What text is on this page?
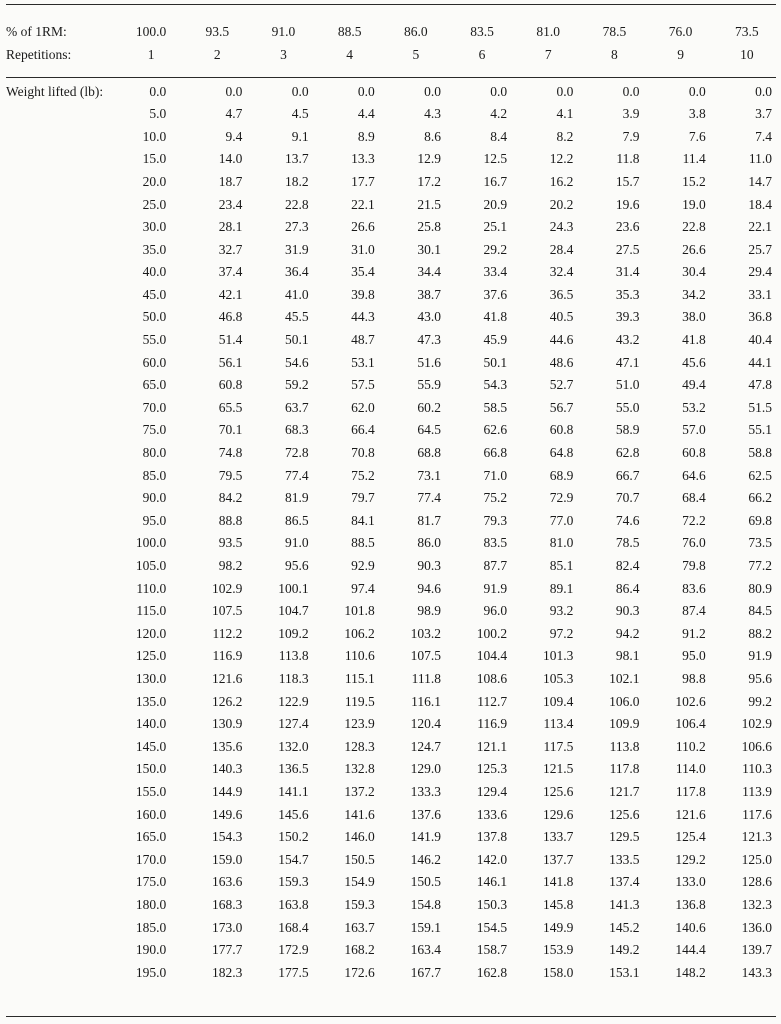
% of 1RM:	100.0	93.5	91.0	88.5	86.0	83.5	81.0	78.5	76.0	73.5
Repetitions:	1	2	3	4	5	6	7	8	9	10

Weight lifted (lb):	0.0	0.0	0.0	0.0	0.0	0.0	0.0	0.0	0.0	0.0
	5.0	4.7	4.5	4.4	4.3	4.2	4.1	3.9	3.8	3.7
	10.0	9.4	9.1	8.9	8.6	8.4	8.2	7.9	7.6	7.4
	15.0	14.0	13.7	13.3	12.9	12.5	12.2	11.8	11.4	11.0
	20.0	18.7	18.2	17.7	17.2	16.7	16.2	15.7	15.2	14.7
	25.0	23.4	22.8	22.1	21.5	20.9	20.2	19.6	19.0	18.4
	30.0	28.1	27.3	26.6	25.8	25.1	24.3	23.6	22.8	22.1
	35.0	32.7	31.9	31.0	30.1	29.2	28.4	27.5	26.6	25.7
	40.0	37.4	36.4	35.4	34.4	33.4	32.4	31.4	30.4	29.4
	45.0	42.1	41.0	39.8	38.7	37.6	36.5	35.3	34.2	33.1
	50.0	46.8	45.5	44.3	43.0	41.8	40.5	39.3	38.0	36.8
	55.0	51.4	50.1	48.7	47.3	45.9	44.6	43.2	41.8	40.4
	60.0	56.1	54.6	53.1	51.6	50.1	48.6	47.1	45.6	44.1
	65.0	60.8	59.2	57.5	55.9	54.3	52.7	51.0	49.4	47.8
	70.0	65.5	63.7	62.0	60.2	58.5	56.7	55.0	53.2	51.5
	75.0	70.1	68.3	66.4	64.5	62.6	60.8	58.9	57.0	55.1
	80.0	74.8	72.8	70.8	68.8	66.8	64.8	62.8	60.8	58.8
	85.0	79.5	77.4	75.2	73.1	71.0	68.9	66.7	64.6	62.5
	90.0	84.2	81.9	79.7	77.4	75.2	72.9	70.7	68.4	66.2
	95.0	88.8	86.5	84.1	81.7	79.3	77.0	74.6	72.2	69.8
	100.0	93.5	91.0	88.5	86.0	83.5	81.0	78.5	76.0	73.5
	105.0	98.2	95.6	92.9	90.3	87.7	85.1	82.4	79.8	77.2
	110.0	102.9	100.1	97.4	94.6	91.9	89.1	86.4	83.6	80.9
	115.0	107.5	104.7	101.8	98.9	96.0	93.2	90.3	87.4	84.5
	120.0	112.2	109.2	106.2	103.2	100.2	97.2	94.2	91.2	88.2
	125.0	116.9	113.8	110.6	107.5	104.4	101.3	98.1	95.0	91.9
	130.0	121.6	118.3	115.1	111.8	108.6	105.3	102.1	98.8	95.6
	135.0	126.2	122.9	119.5	116.1	112.7	109.4	106.0	102.6	99.2
	140.0	130.9	127.4	123.9	120.4	116.9	113.4	109.9	106.4	102.9
	145.0	135.6	132.0	128.3	124.7	121.1	117.5	113.8	110.2	106.6
	150.0	140.3	136.5	132.8	129.0	125.3	121.5	117.8	114.0	110.3
	155.0	144.9	141.1	137.2	133.3	129.4	125.6	121.7	117.8	113.9
	160.0	149.6	145.6	141.6	137.6	133.6	129.6	125.6	121.6	117.6
	165.0	154.3	150.2	146.0	141.9	137.8	133.7	129.5	125.4	121.3
	170.0	159.0	154.7	150.5	146.2	142.0	137.7	133.5	129.2	125.0
	175.0	163.6	159.3	154.9	150.5	146.1	141.8	137.4	133.0	128.6
	180.0	168.3	163.8	159.3	154.8	150.3	145.8	141.3	136.8	132.3
	185.0	173.0	168.4	163.7	159.1	154.5	149.9	145.2	140.6	136.0
	190.0	177.7	172.9	168.2	163.4	158.7	153.9	149.2	144.4	139.7
	195.0	182.3	177.5	172.6	167.7	162.8	158.0	153.1	148.2	143.3
